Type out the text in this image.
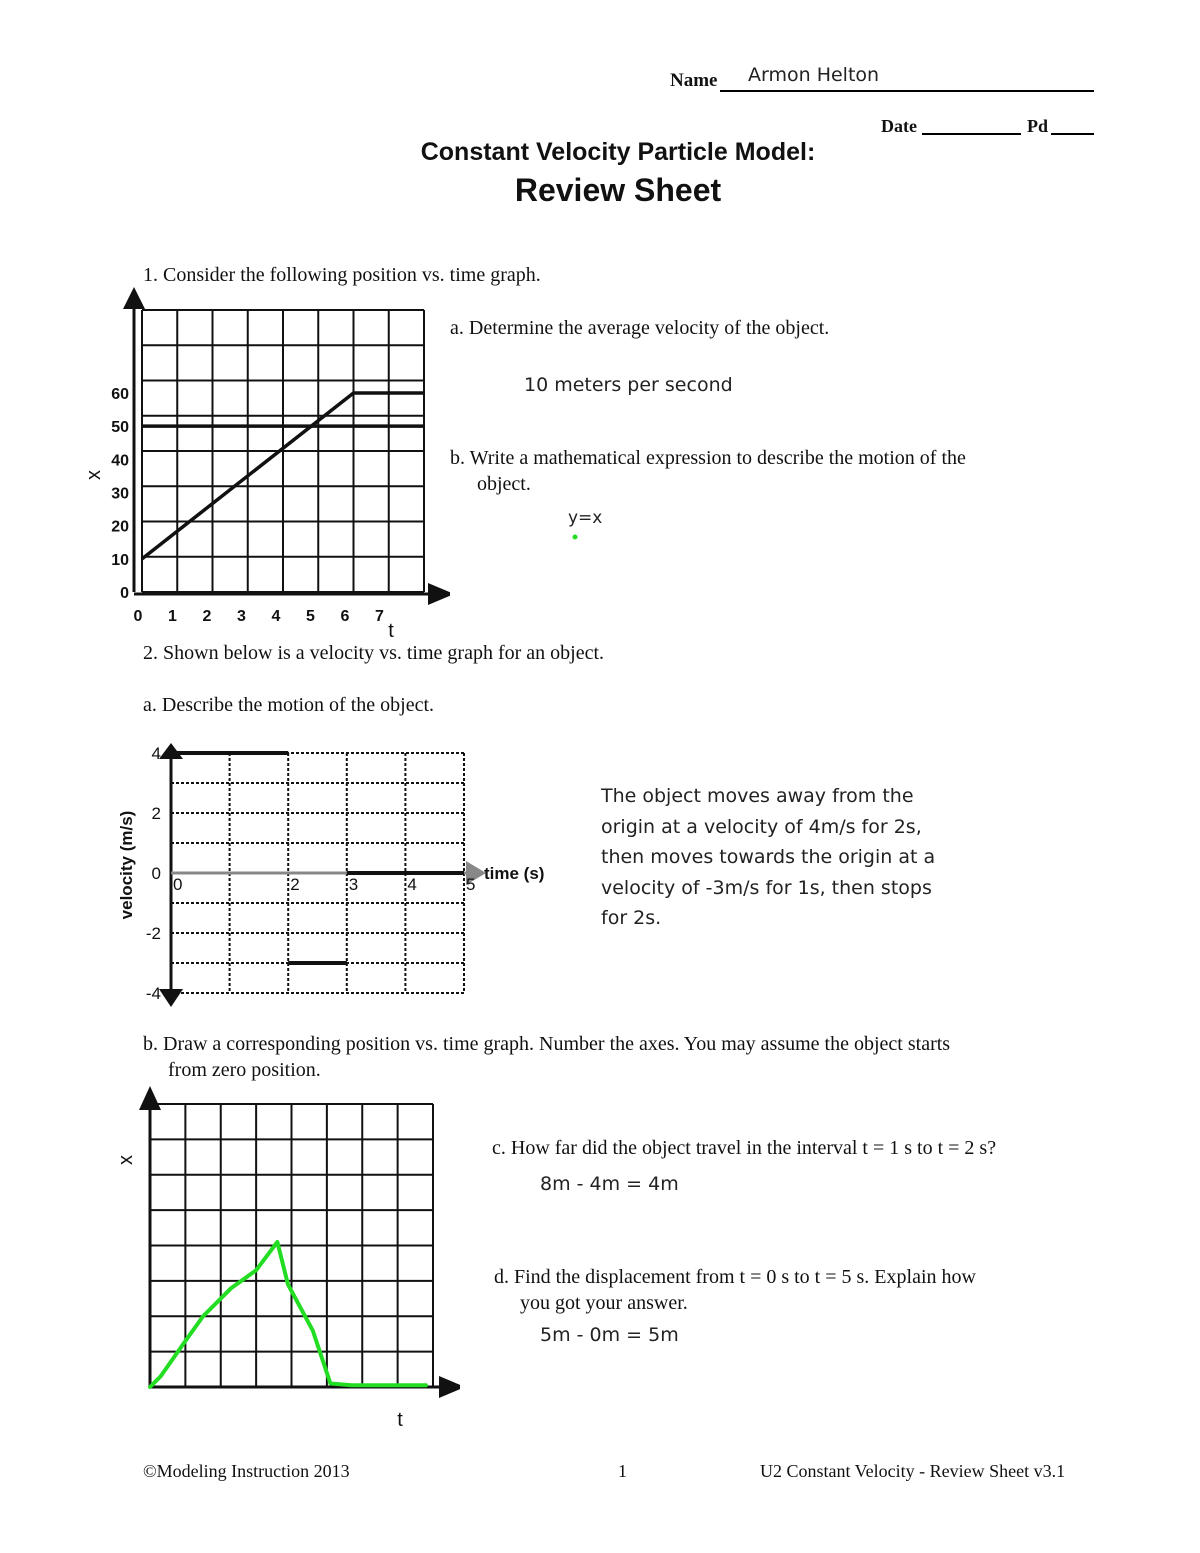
Name Armon Helton
Date	Pd
Constant Velocity Particle Model:
Review Sheet
1. Consider the following position vs. time graph.
a. Determine the average velocity of the object.
10 meters per second
b. Write a mathematical expression to describe the motion of the
object.
y=x
0
10
20
30
40
50
60
0 1 2 3 4 5 6 7
x
t
2. Shown below is a velocity vs. time graph for an object.
a. Describe the motion of the object.
4
2
0
-2
-4
0	2	3	4	5
velocity (m/s)	time (s)
The object moves away from the
origin at a velocity of 4m/s for 2s,
then moves towards the origin at a
velocity of -3m/s for 1s, then stops
for 2s.
b. Draw a corresponding position vs. time graph. Number the axes. You may assume the object starts
from zero position.
x
t
c. How far did the object travel in the interval t = 1 s to t = 2 s?
8m - 4m = 4m
d. Find the displacement from t = 0 s to t = 5 s. Explain how
you got your answer.
5m - 0m = 5m
©Modeling Instruction 2013	1	U2 Constant Velocity - Review Sheet v3.1
